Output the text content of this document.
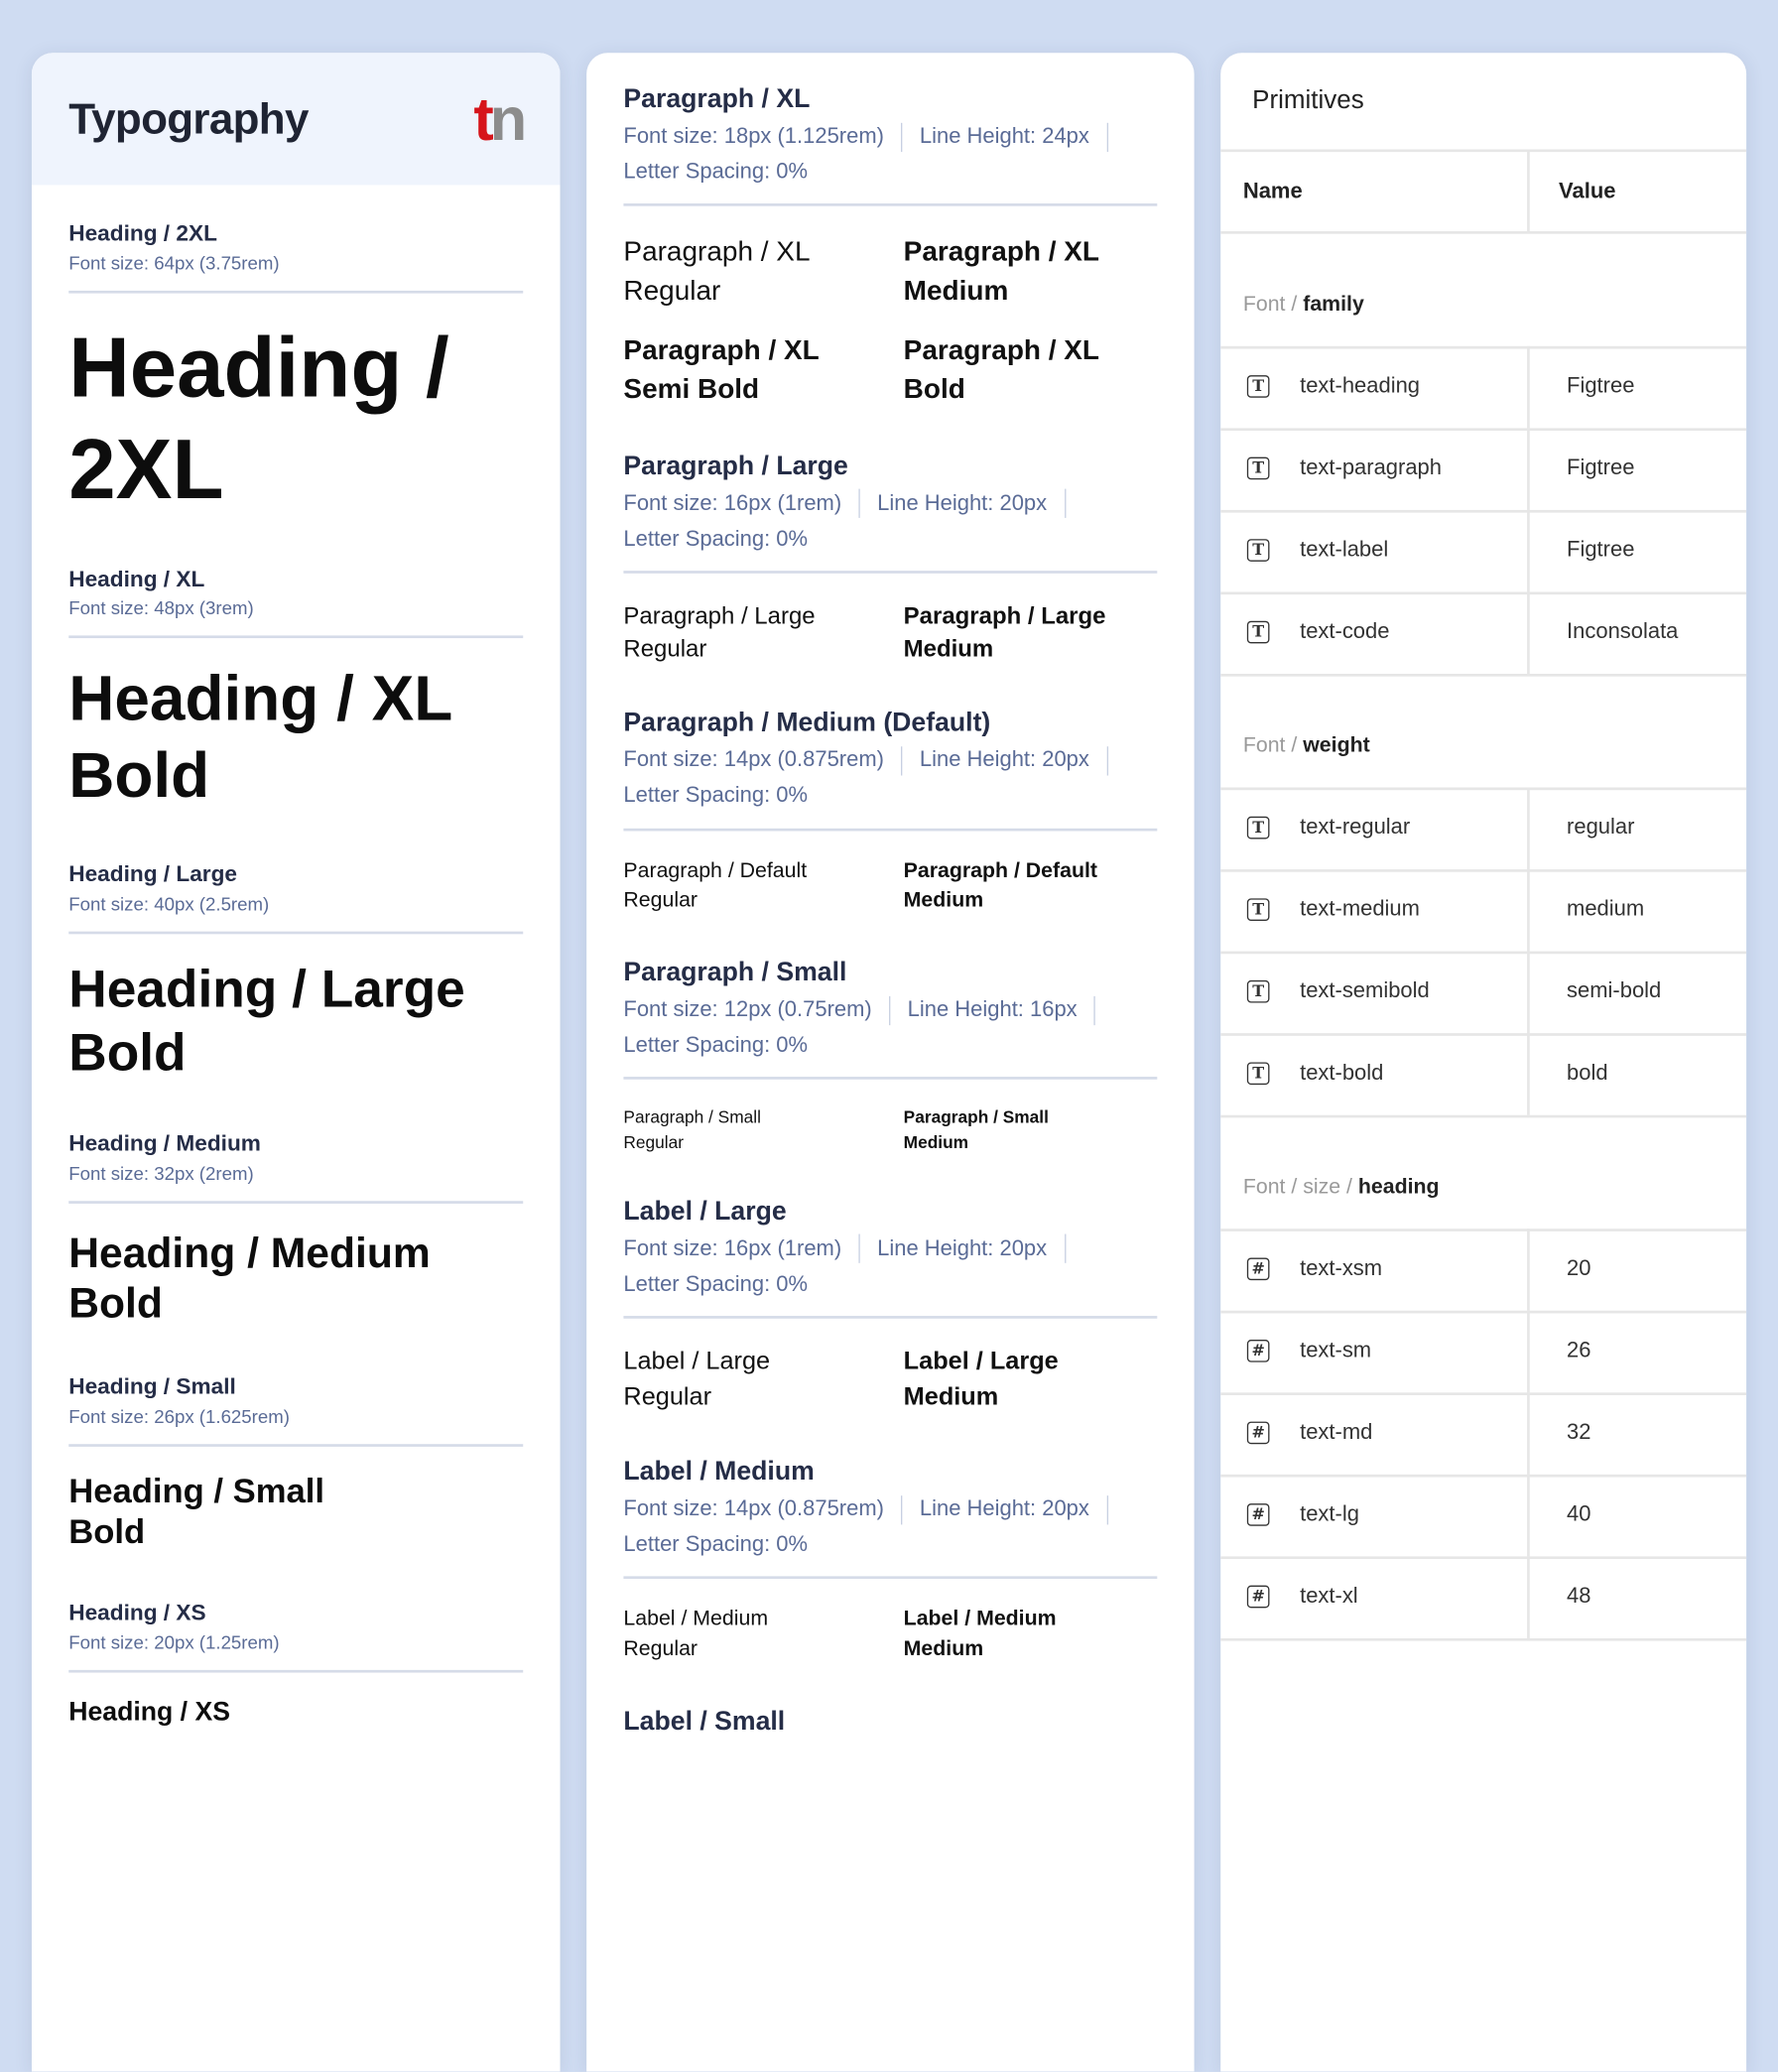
Typography	tn
Heading / 2XL
Font size: 64px (3.75rem)
Heading / 2XL
Heading / XL
Font size: 48px (3rem)
Heading / XL
Bold
Heading / Large
Font size: 40px (2.5rem)
Heading / Large
Bold
Heading / Medium
Font size: 32px (2rem)
Heading / Medium
Bold
Heading / Small
Font size: 26px (1.625rem)
Heading / Small
Bold
Heading / XS
Font size: 20px (1.25rem)
Heading / XS
Paragraph / XL
Font size: 18px (1.125rem) Line Height: 24px
Letter Spacing: 0%
Paragraph / XL
Regular
Paragraph / XL
Medium
Paragraph / XL
Semi Bold
Paragraph / XL
Bold
Paragraph / Large
Font size: 16px (1rem) Line Height: 20px
Letter Spacing: 0%
Paragraph / Large
Regular
Paragraph / Large
Medium
Paragraph / Medium (Default)
Font size: 14px (0.875rem) Line Height: 20px
Letter Spacing: 0%
Paragraph / Default
Regular
Paragraph / Default
Medium
Paragraph / Small
Font size: 12px (0.75rem) Line Height: 16px
Letter Spacing: 0%
Paragraph / Small
Regular
Paragraph / Small
Medium
Label / Large
Font size: 16px (1rem) Line Height: 20px
Letter Spacing: 0%
Label / Large
Regular
Label / Large
Medium
Label / Medium
Font size: 14px (0.875rem) Line Height: 20px
Letter Spacing: 0%
Label / Medium
Regular
Label / Medium
Medium
Label / Small
Primitives
Name	Value
Font / family
T	text-heading	Figtree
T	text-paragraph	Figtree
T	text-label	Figtree
T	text-code	Inconsolata
Font / weight
T	text-regular	regular
T	text-medium	medium
T	text-semibold	semi-bold
T	text-bold	bold
Font / size / heading
# text-xsm	20
# text-sm	26
# text-md	32
# text-lg	40
# text-xl	48
